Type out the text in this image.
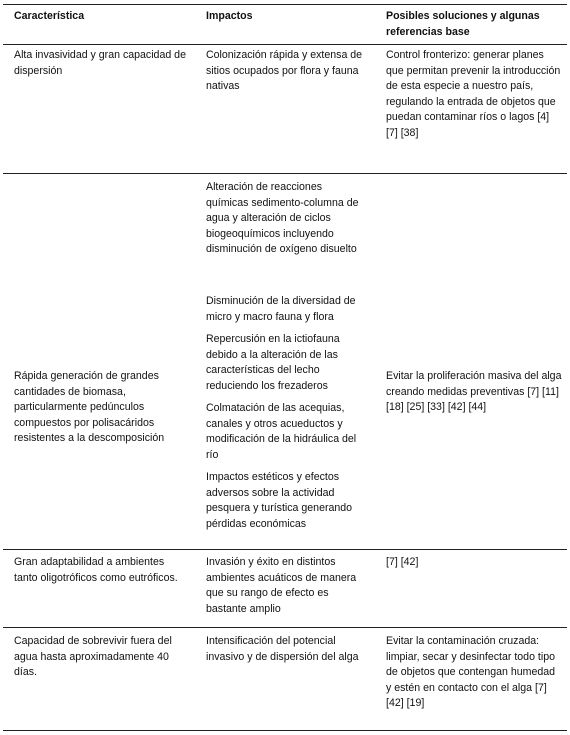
Característica	Impactos	Posibles soluciones y algunas referencias base
Alta invasividad y gran capacidad de dispersión
Colonización rápida y extensa de sitios ocupados por flora y fauna nativas
Control fronterizo: generar planes que permitan prevenir la introducción de esta especie a nuestro país, regulando la entrada de objetos que puedan contaminar ríos o lagos [4] [7] [38]
Rápida generación de grandes cantidades de biomasa, particularmente pedúnculos compuestos por polisacáridos resistentes a la descomposición
Alteración de reacciones químicas sedimento-columna de agua y alteración de ciclos biogeoquímicos incluyendo disminución de oxígeno disuelto
Disminución de la diversidad de micro y macro fauna y flora
Repercusión en la ictiofauna debido a la alteración de las características del lecho reduciendo los frezaderos
Colmatación de las acequias, canales y otros acueductos y modificación de la hidráulica del río
Impactos estéticos y efectos adversos sobre la actividad pesquera y turística generando pérdidas económicas
Evitar la proliferación masiva del alga creando medidas preventivas [7] [11] [18] [25] [33] [42] [44]
Gran adaptabilidad a ambientes tanto oligotróficos como eutróficos.
Invasión y éxito en distintos ambientes acuáticos de manera que su rango de efecto es bastante amplio
[7] [42]
Capacidad de sobrevivir fuera del agua hasta aproximadamente 40 días.
Intensificación del potencial invasivo y de dispersión del alga
Evitar la contaminación cruzada: limpiar, secar y desinfectar todo tipo de objetos que contengan humedad y estén en contacto con el alga [7] [42] [19]
